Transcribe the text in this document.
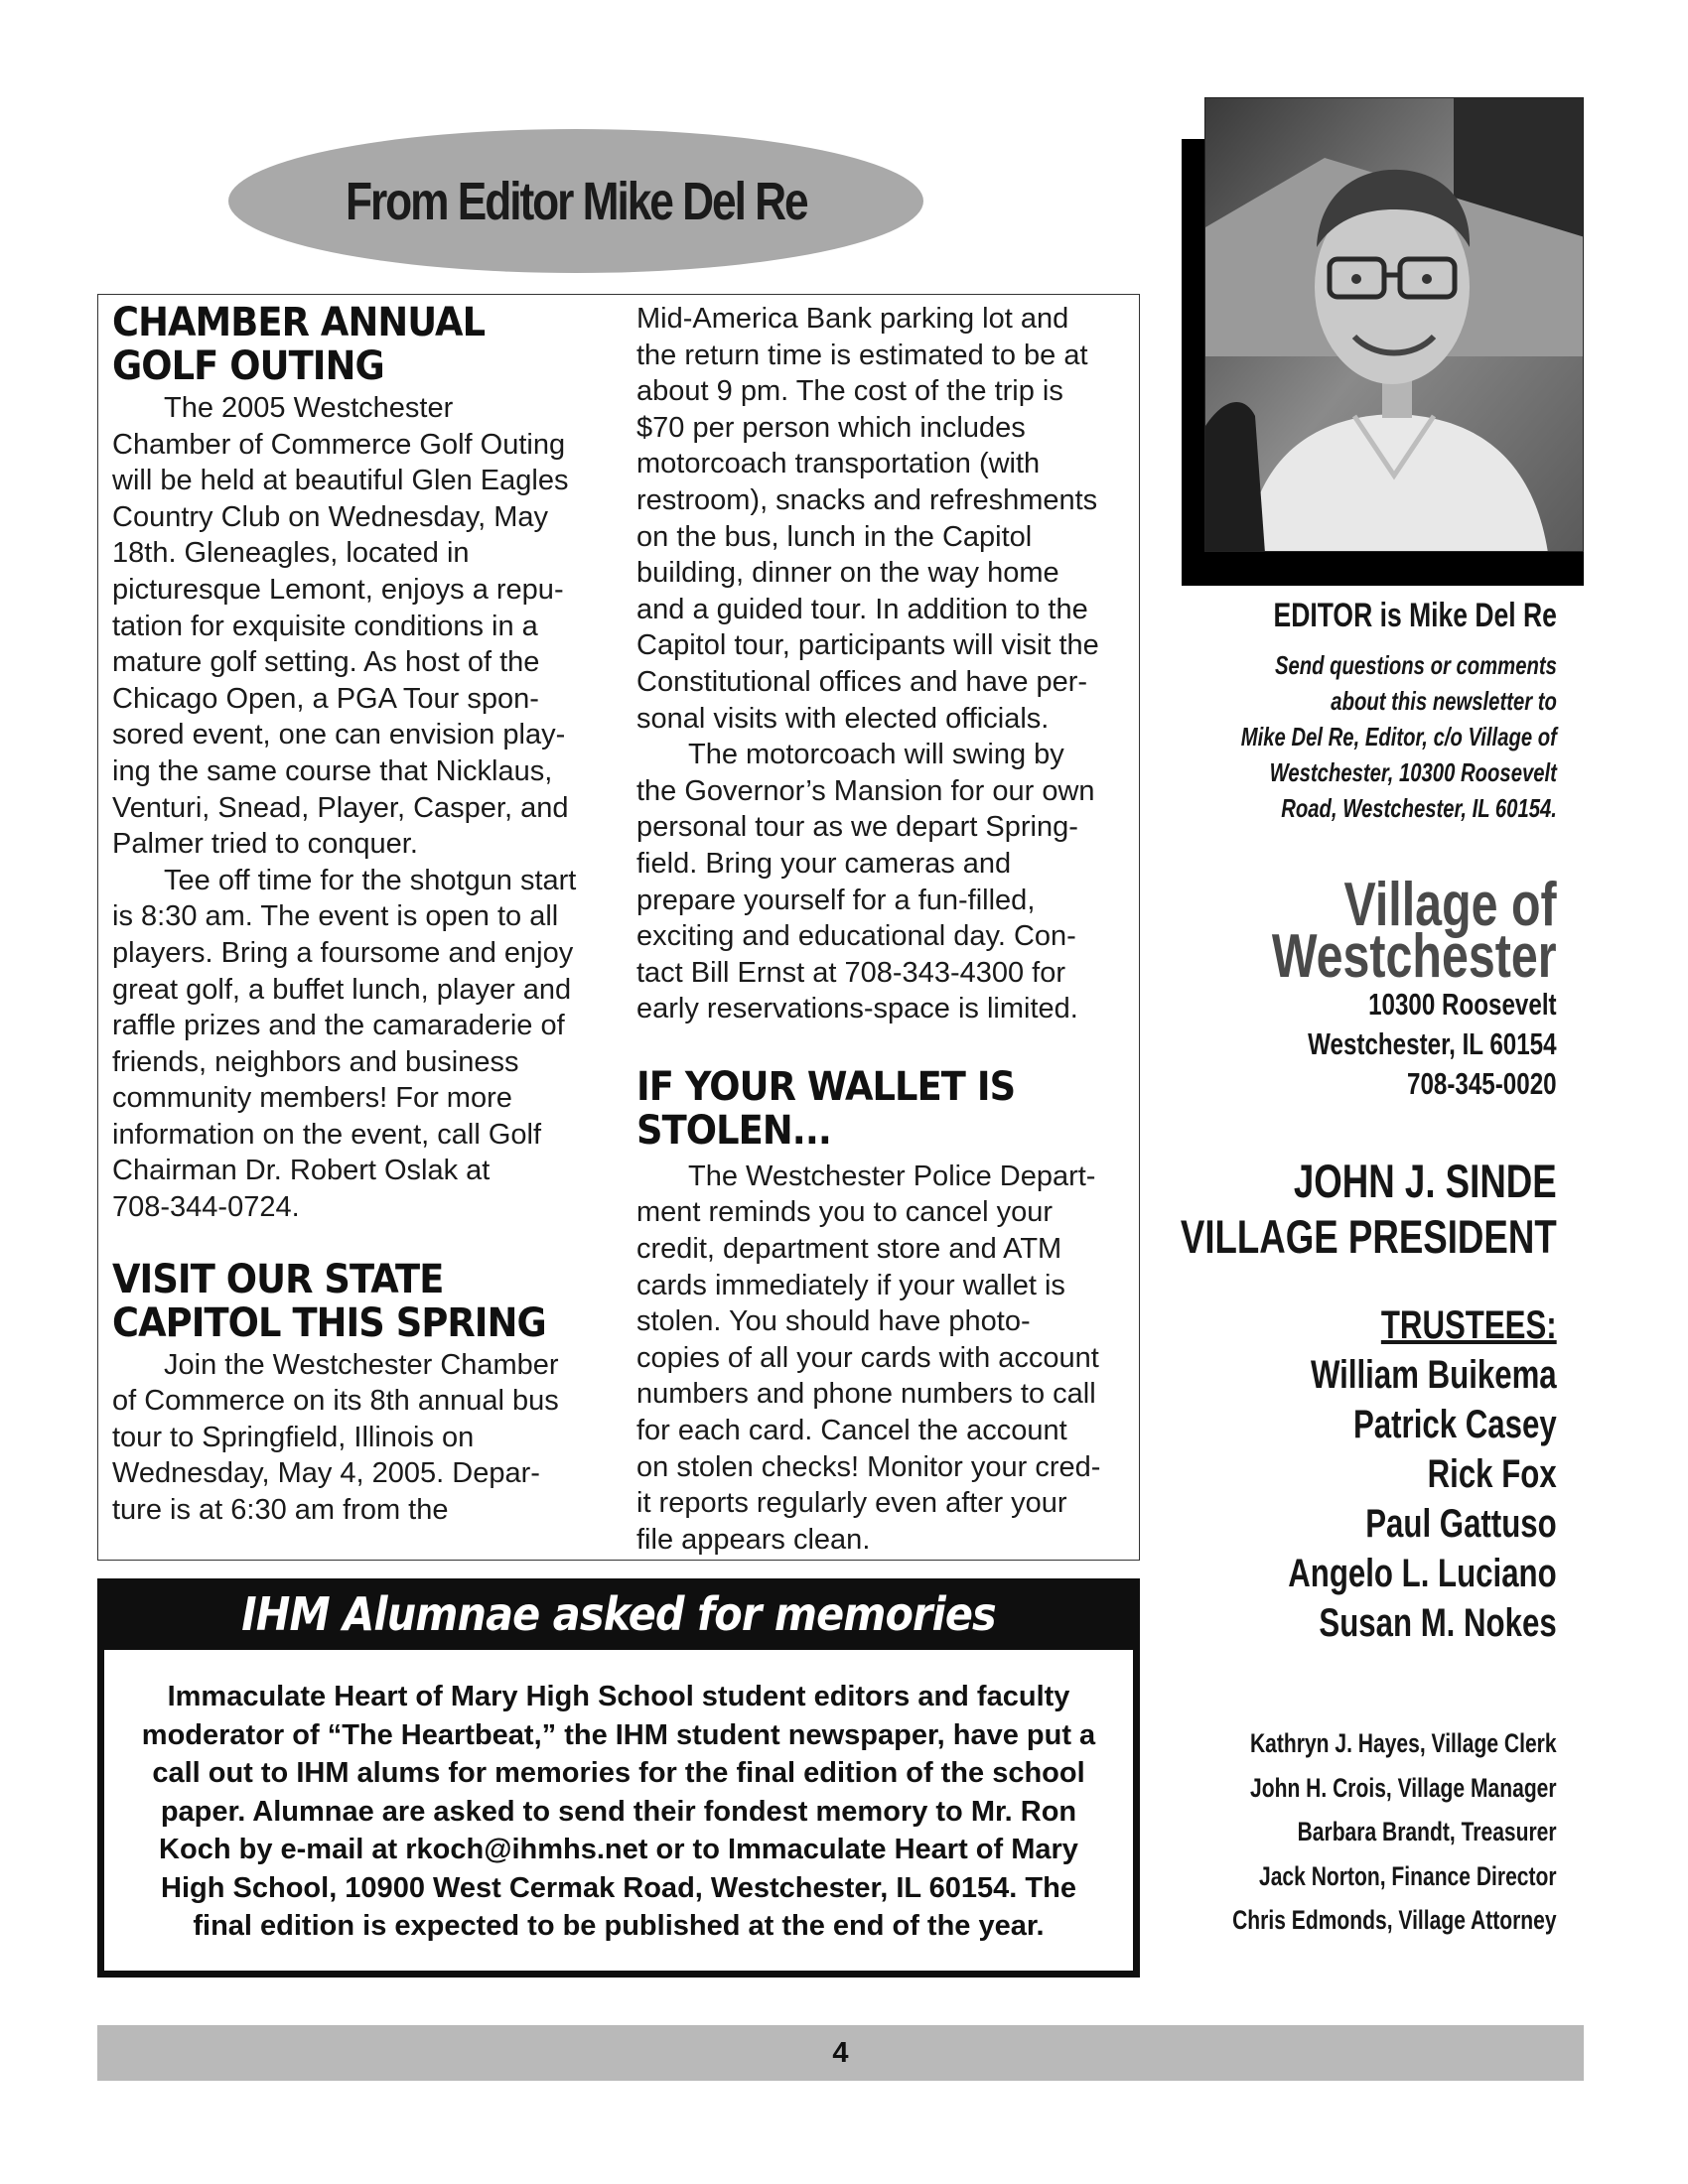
From Editor Mike Del Re

CHAMBER ANNUAL
GOLF OUTING

The 2005 Westchester
Chamber of Commerce Golf Outing
will be held at beautiful Glen Eagles
Country Club on Wednesday, May
18th. Gleneagles, located in
picturesque Lemont, enjoys a repu-
tation for exquisite conditions in a
mature golf setting. As host of the
Chicago Open, a PGA Tour spon-
sored event, one can envision play-
ing the same course that Nicklaus,
Venturi, Snead, Player, Casper, and
Palmer tried to conquer.
Tee off time for the shotgun start
is 8:30 am. The event is open to all
players. Bring a foursome and enjoy
great golf, a buffet lunch, player and
raffle prizes and the camaraderie of
friends, neighbors and business
community members! For more
information on the event, call Golf
Chairman Dr. Robert Oslak at
708-344-0724.

VISIT OUR STATE
CAPITOL THIS SPRING

Join the Westchester Chamber
of Commerce on its 8th annual bus
tour to Springfield, Illinois on
Wednesday, May 4, 2005. Depar-
ture is at 6:30 am from the

Mid-America Bank parking lot and
the return time is estimated to be at
about 9 pm. The cost of the trip is
$70 per person which includes
motorcoach transportation (with
restroom), snacks and refreshments
on the bus, lunch in the Capitol
building, dinner on the way home
and a guided tour. In addition to the
Capitol tour, participants will visit the
Constitutional offices and have per-
sonal visits with elected officials.
The motorcoach will swing by
the Governor’s Mansion for our own
personal tour as we depart Spring-
field. Bring your cameras and
prepare yourself for a fun-filled,
exciting and educational day. Con-
tact Bill Ernst at 708-343-4300 for
early reservations-space is limited.

IF YOUR WALLET IS
STOLEN...

The Westchester Police Depart-
ment reminds you to cancel your
credit, department store and ATM
cards immediately if your wallet is
stolen. You should have photo-
copies of all your cards with account
numbers and phone numbers to call
for each card. Cancel the account
on stolen checks! Monitor your cred-
it reports regularly even after your
file appears clean.

IHM Alumnae asked for memories
Immaculate Heart of Mary High School student editors and faculty
moderator of “The Heartbeat,” the IHM student newspaper, have put a
call out to IHM alums for memories for the final edition of the school
paper. Alumnae are asked to send their fondest memory to Mr. Ron
Koch by e-mail at rkoch@ihmhs.net or to Immaculate Heart of Mary
High School, 10900 West Cermak Road, Westchester, IL 60154. The
final edition is expected to be published at the end of the year.
EDITOR is Mike Del Re
Send questions or comments
about this newsletter to
Mike Del Re, Editor, c/o Village of
Westchester, 10300 Roosevelt
Road, Westchester, IL 60154.
Village of
Westchester
10300 Roosevelt
Westchester, IL 60154
708-345-0020
JOHN J. SINDE
VILLAGE PRESIDENT
TRUSTEES:
William Buikema
Patrick Casey
Rick Fox
Paul Gattuso
Angelo L. Luciano
Susan M. Nokes
Kathryn J. Hayes, Village Clerk
John H. Crois, Village Manager
Barbara Brandt, Treasurer
Jack Norton, Finance Director
Chris Edmonds, Village Attorney
4
